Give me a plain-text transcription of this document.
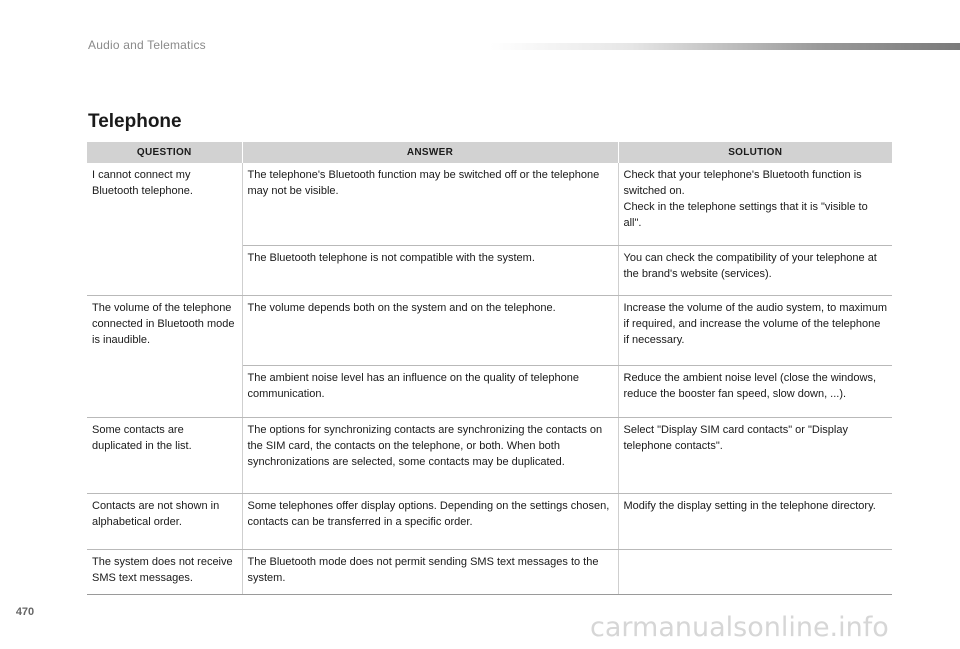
Audio and Telematics
Telephone
QUESTION	ANSWER	SOLUTION
I cannot connect my Bluetooth telephone.	The telephone's Bluetooth function may be switched off or the telephone may not be visible.	Check that your telephone's Bluetooth function is switched on.
Check in the telephone settings that it is "visible to all".
	The Bluetooth telephone is not compatible with the system.	You can check the compatibility of your telephone at the brand's website (services).
The volume of the telephone connected in Bluetooth mode is inaudible.	The volume depends both on the system and on the telephone.	Increase the volume of the audio system, to maximum if required, and increase the volume of the telephone if necessary.
	The ambient noise level has an influence on the quality of telephone communication.	Reduce the ambient noise level (close the windows, reduce the booster fan speed, slow down, ...).
Some contacts are duplicated in the list.	The options for synchronizing contacts are synchronizing the contacts on the SIM card, the contacts on the telephone, or both. When both synchronizations are selected, some contacts may be duplicated.	Select "Display SIM card contacts" or "Display telephone contacts".
Contacts are not shown in alphabetical order.	Some telephones offer display options. Depending on the settings chosen, contacts can be transferred in a specific order.	Modify the display setting in the telephone directory.
The system does not receive SMS text messages.	The Bluetooth mode does not permit sending SMS text messages to the system.	
470	carmanualsonline.info
